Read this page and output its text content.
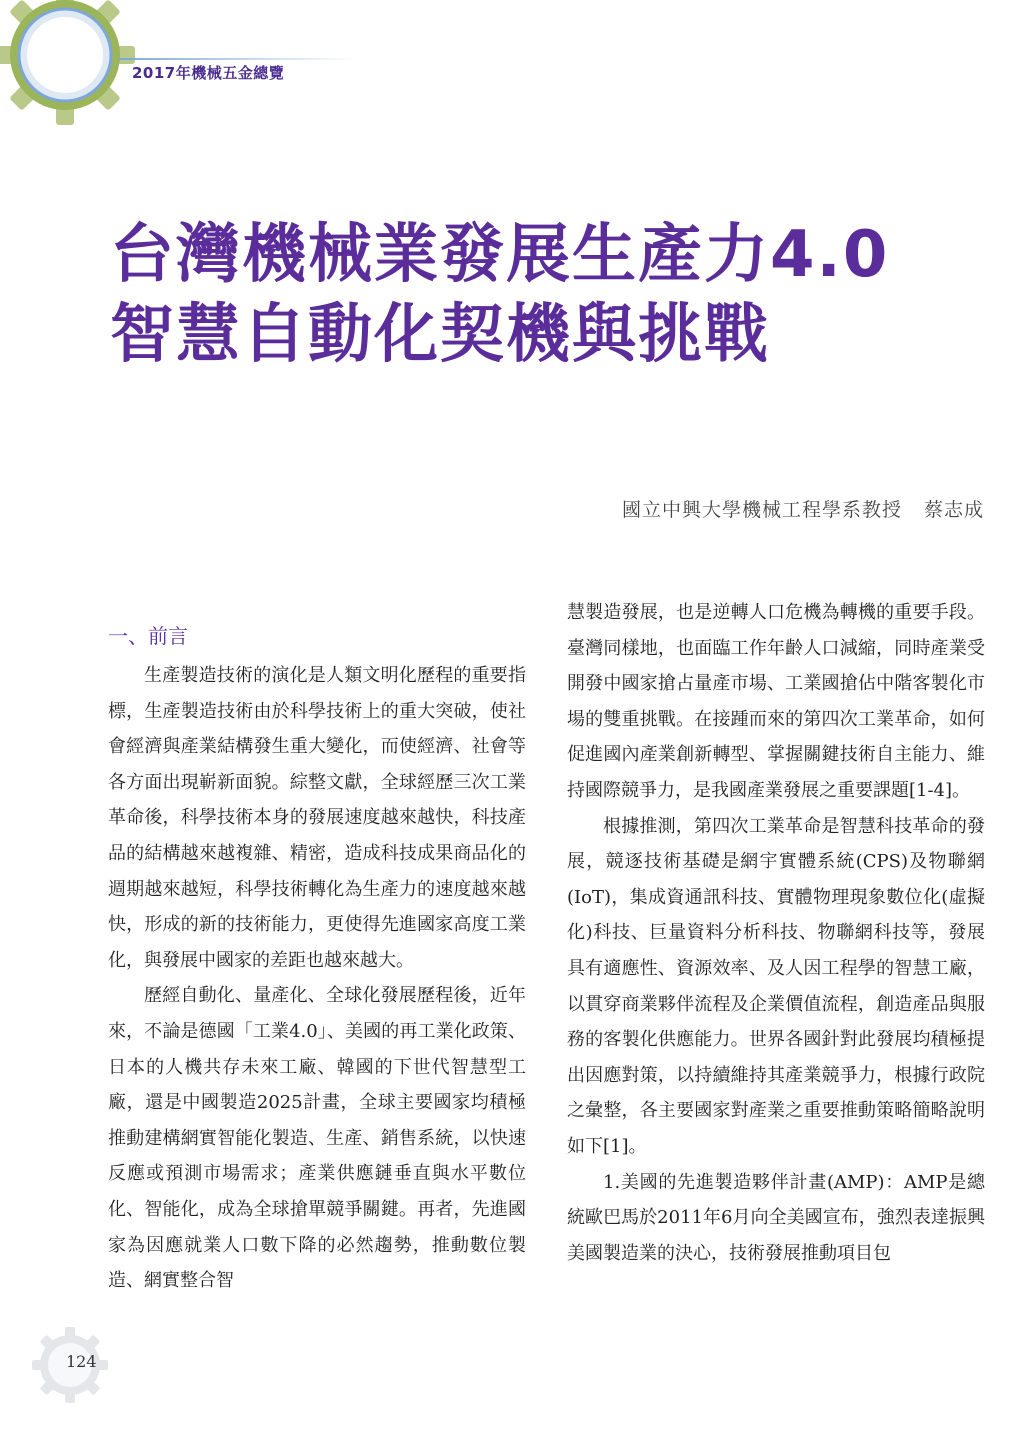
2017年機械五金總覽
台灣機械業發展生產力4.0
智慧自動化契機與挑戰
國立中興大學機械工程學系教授 蔡志成
一、前言

生產製造技術的演化是人類文明化歷程的重要指標，生產製造技術由於科學技術上的重大突破，使社會經濟與產業結構發生重大變化，而使經濟、社會等各方面出現嶄新面貌。綜整文獻，全球經歷三次工業革命後，科學技術本身的發展速度越來越快，科技產品的結構越來越複雜、精密，造成科技成果商品化的週期越來越短，科學技術轉化為生產力的速度越來越快，形成的新的技術能力，更使得先進國家高度工業化，與發展中國家的差距也越來越大。

歷經自動化、量產化、全球化發展歷程後，近年來，不論是德國「工業4.0」、美國的再工業化政策、日本的人機共存未來工廠、韓國的下世代智慧型工廠，還是中國製造2025計畫，全球主要國家均積極推動建構網實智能化製造、生產、銷售系統，以快速反應或預測市場需求；產業供應鏈垂直與水平數位化、智能化，成為全球搶單競爭關鍵。再者，先進國家為因應就業人口數下降的必然趨勢，推動數位製造、網實整合智

慧製造發展，也是逆轉人口危機為轉機的重要手段。臺灣同樣地，也面臨工作年齡人口減縮，同時產業受開發中國家搶占量產市場、工業國搶佔中階客製化市場的雙重挑戰。在接踵而來的第四次工業革命，如何促進國內產業創新轉型、掌握關鍵技術自主能力、維持國際競爭力，是我國產業發展之重要課題[1-4]。

根據推測，第四次工業革命是智慧科技革命的發展，競逐技術基礎是網宇實體系統(CPS)及物聯網(IoT)，集成資通訊科技、實體物理現象數位化(虛擬化)科技、巨量資料分析科技、物聯網科技等，發展具有適應性、資源效率、及人因工程學的智慧工廠，以貫穿商業夥伴流程及企業價值流程，創造產品與服務的客製化供應能力。世界各國針對此發展均積極提出因應對策，以持續維持其產業競爭力，根據行政院之彙整，各主要國家對產業之重要推動策略簡略說明如下[1]。

1.美國的先進製造夥伴計畫(AMP)：AMP是總統歐巴馬於2011年6月向全美國宣布，強烈表達振興美國製造業的決心，技術發展推動項目包

124
